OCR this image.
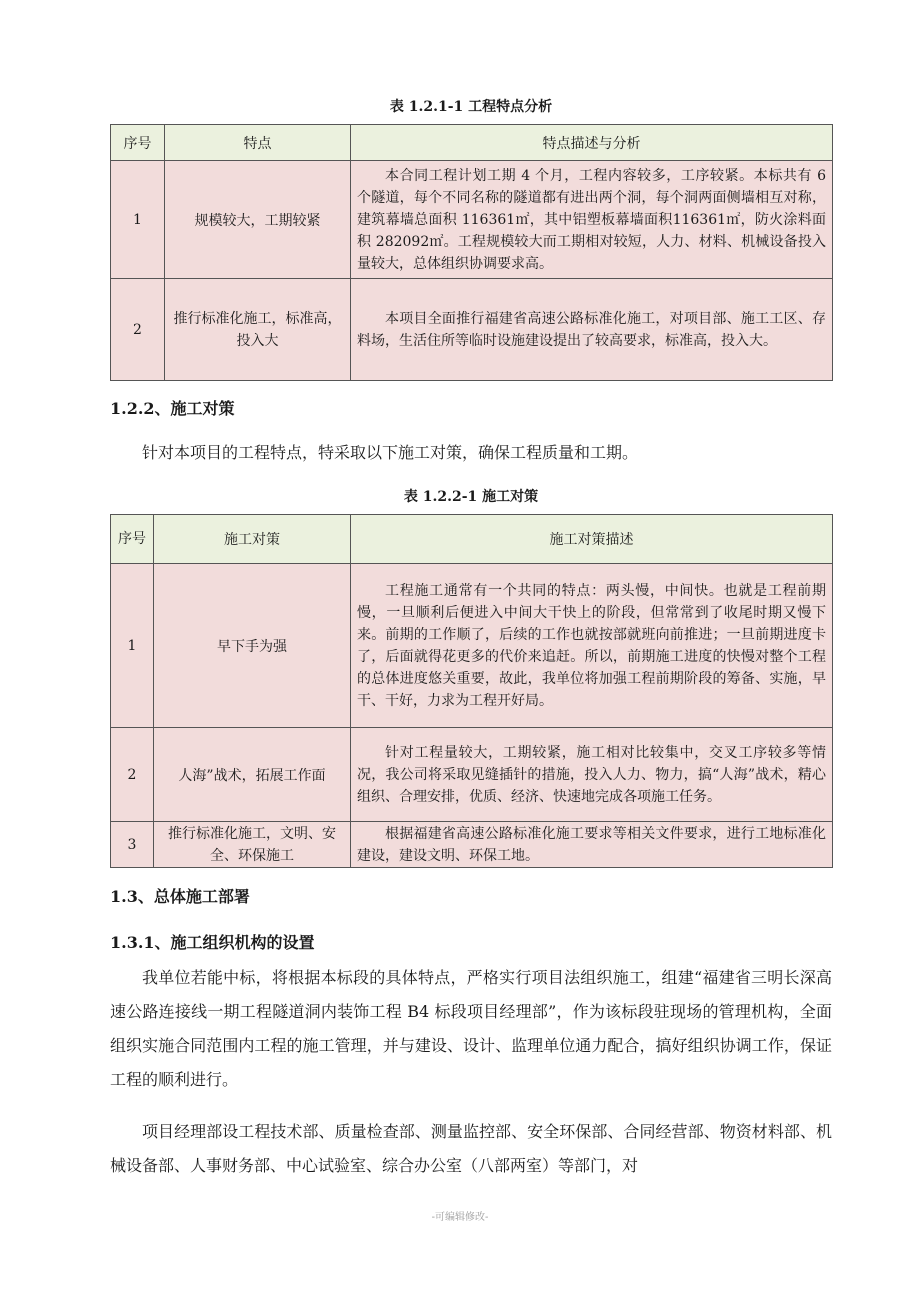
表 1.2.1-1 工程特点分析
序号	特点	特点描述与分析
1	规模较大，工期较紧	本合同工程计划工期 4 个月，工程内容较多，工序较紧。本标共有 6 个隧道，每个不同名称的隧道都有进出两个洞，每个洞两面侧墙相互对称，建筑幕墙总面积 116361㎡，其中铝塑板幕墙面积116361㎡，防火涂料面积 282092㎡。工程规模较大而工期相对较短，人力、材料、机械设备投入量较大，总体组织协调要求高。
2	推行标准化施工，标准高，投入大	本项目全面推行福建省高速公路标准化施工，对项目部、施工工区、存料场，生活住所等临时设施建设提出了较高要求，标准高，投入大。
1.2.2、施工对策
针对本项目的工程特点，特采取以下施工对策，确保工程质量和工期。
表 1.2.2-1 施工对策
序号	施工对策	施工对策描述
1	早下手为强	工程施工通常有一个共同的特点：两头慢，中间快。也就是工程前期慢，一旦顺利后便进入中间大干快上的阶段，但常常到了收尾时期又慢下来。前期的工作顺了，后续的工作也就按部就班向前推进；一旦前期进度卡了，后面就得花更多的代价来追赶。所以，前期施工进度的快慢对整个工程的总体进度悠关重要，故此，我单位将加强工程前期阶段的筹备、实施，早干、干好，力求为工程开好局。
2	人海”战术，拓展工作面	针对工程量较大，工期较紧，施工相对比较集中，交叉工序较多等情况，我公司将采取见缝插针的措施，投入人力、物力，搞“人海”战术，精心组织、合理安排，优质、经济、快速地完成各项施工任务。
3	推行标准化施工，文明、安全、环保施工	根据福建省高速公路标准化施工要求等相关文件要求，进行工地标准化建设，建设文明、环保工地。
1.3、总体施工部署
1.3.1、施工组织机构的设置
我单位若能中标，将根据本标段的具体特点，严格实行项目法组织施工，组建“福建省三明长深高速公路连接线一期工程隧道洞内装饰工程 B4 标段项目经理部”，作为该标段驻现场的管理机构，全面组织实施合同范围内工程的施工管理，并与建设、设计、监理单位通力配合，搞好组织协调工作，保证工程的顺利进行。
项目经理部设工程技术部、质量检查部、测量监控部、安全环保部、合同经营部、物资材料部、机械设备部、人事财务部、中心试验室、综合办公室（八部两室）等部门，对
-可编辑修改-
